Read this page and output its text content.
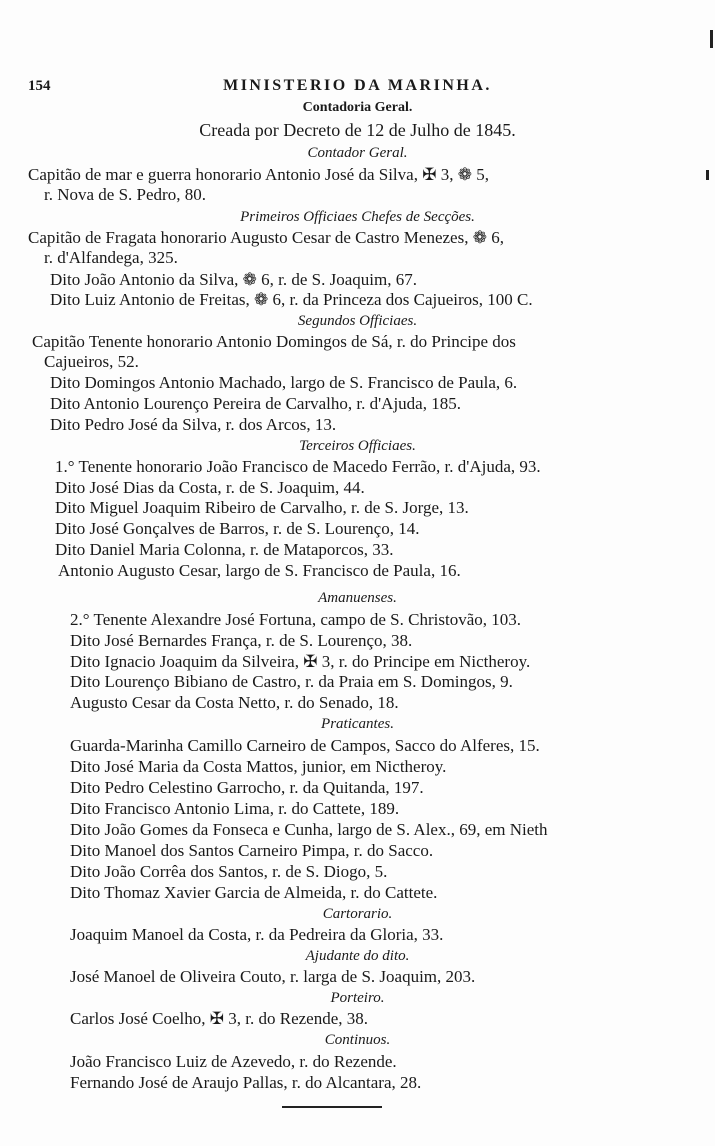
154	MINISTERIO DA MARINHA.
Contadoria Geral.
Creada por Decreto de 12 de Julho de 1845.
Contador Geral.
Capitão de mar e guerra honorario Antonio José da Silva, ✠ 3, ❁ 5,
r. Nova de S. Pedro, 80.
Primeiros Officiaes Chefes de Secções.
Capitão de Fragata honorario Augusto Cesar de Castro Menezes, ❁ 6,
r. d'Alfandega, 325.
Dito João Antonio da Silva, ❁ 6, r. de S. Joaquim, 67.
Dito Luiz Antonio de Freitas, ❁ 6, r. da Princeza dos Cajueiros, 100 C.
Segundos Officiaes.
Capitão Tenente honorario Antonio Domingos de Sá, r. do Principe dos
Cajueiros, 52.
Dito Domingos Antonio Machado, largo de S. Francisco de Paula, 6.
Dito Antonio Lourenço Pereira de Carvalho, r. d'Ajuda, 185.
Dito Pedro José da Silva, r. dos Arcos, 13.
Terceiros Officiaes.
1.° Tenente honorario João Francisco de Macedo Ferrão, r. d'Ajuda, 93.
Dito José Dias da Costa, r. de S. Joaquim, 44.
Dito Miguel Joaquim Ribeiro de Carvalho, r. de S. Jorge, 13.
Dito José Gonçalves de Barros, r. de S. Lourenço, 14.
Dito Daniel Maria Colonna, r. de Mataporcos, 33.
Antonio Augusto Cesar, largo de S. Francisco de Paula, 16.
Amanuenses.
2.° Tenente Alexandre José Fortuna, campo de S. Christovão, 103.
Dito José Bernardes França, r. de S. Lourenço, 38.
Dito Ignacio Joaquim da Silveira, ✠ 3, r. do Principe em Nictheroy.
Dito Lourenço Bibiano de Castro, r. da Praia em S. Domingos, 9.
Augusto Cesar da Costa Netto, r. do Senado, 18.
Praticantes.
Guarda-Marinha Camillo Carneiro de Campos, Sacco do Alferes, 15.
Dito José Maria da Costa Mattos, junior, em Nictheroy.
Dito Pedro Celestino Garrocho, r. da Quitanda, 197.
Dito Francisco Antonio Lima, r. do Cattete, 189.
Dito João Gomes da Fonseca e Cunha, largo de S. Alex., 69, em Nieth
Dito Manoel dos Santos Carneiro Pimpa, r. do Sacco.
Dito João Corrêa dos Santos, r. de S. Diogo, 5.
Dito Thomaz Xavier Garcia de Almeida, r. do Cattete.
Cartorario.
Joaquim Manoel da Costa, r. da Pedreira da Gloria, 33.
Ajudante do dito.
José Manoel de Oliveira Couto, r. larga de S. Joaquim, 203.
Porteiro.
Carlos José Coelho, ✠ 3, r. do Rezende, 38.
Continuos.
João Francisco Luiz de Azevedo, r. do Rezende.
Fernando José de Araujo Pallas, r. do Alcantara, 28.
